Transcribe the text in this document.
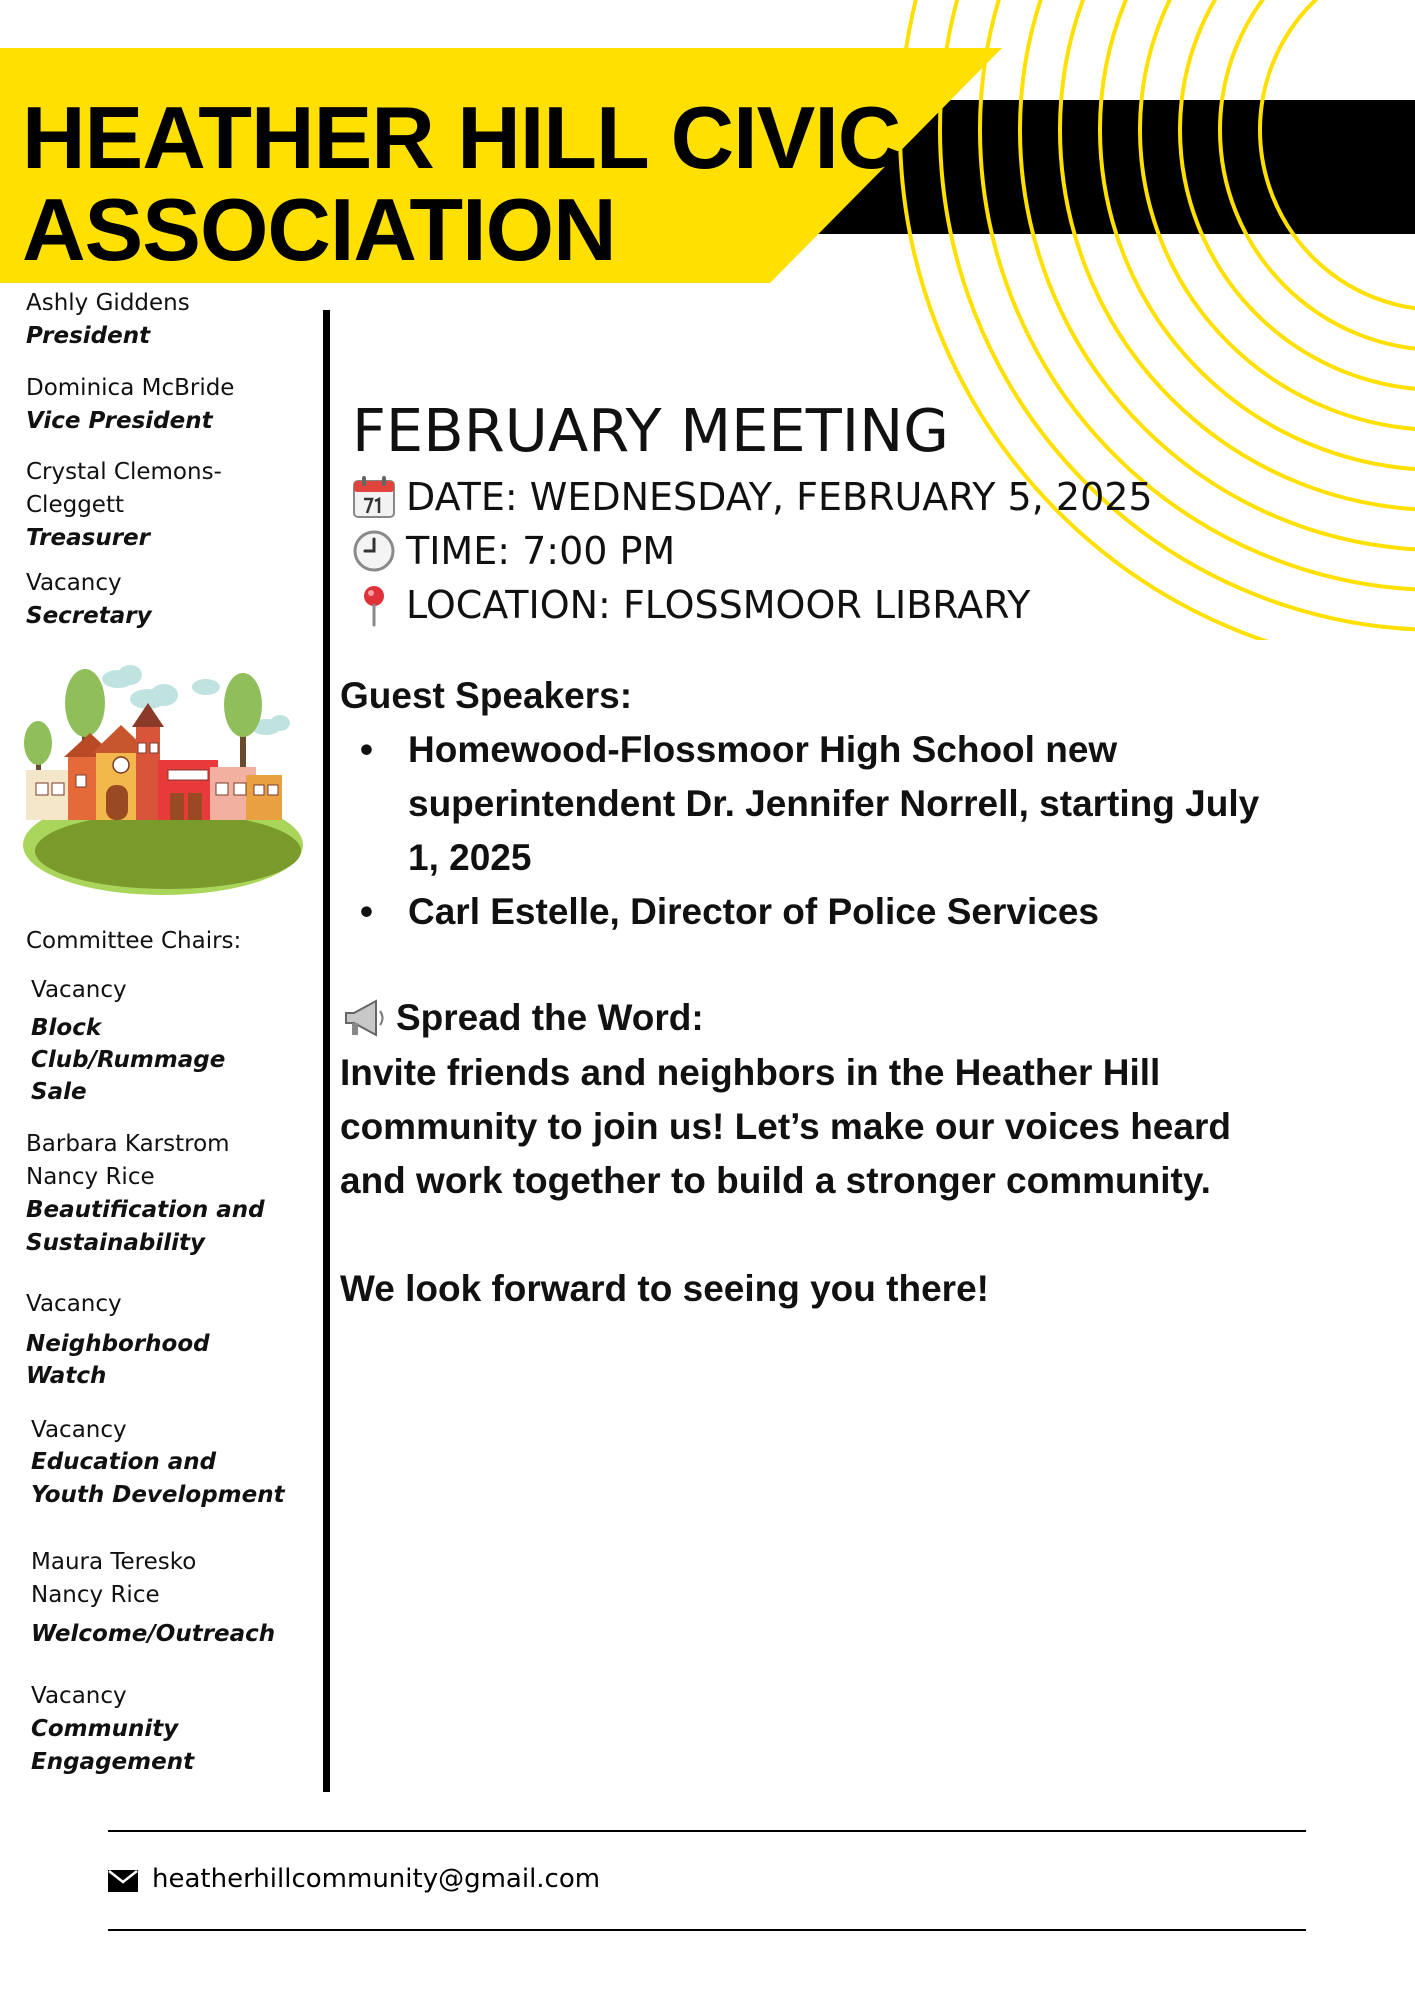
HEATHER HILL CIVIC
ASSOCIATION
Ashly Giddens
President
Dominica McBride
Vice President
Crystal Clemons-
Cleggett
Treasurer
Vacancy
Secretary
Committee Chairs:
Vacancy
Block
Club/Rummage
Sale
Barbara Karstrom
Nancy Rice
Beautification and
Sustainability
Vacancy
Neighborhood
Watch
Vacancy
Education and
Youth Development
Maura Teresko
Nancy Rice
Welcome/Outreach
Vacancy
Community
Engagement
FEBRUARY MEETING
DATE: WEDNESDAY, FEBRUARY 5, 2025
TIME: 7:00 PM
LOCATION: FLOSSMOOR LIBRARY
Guest Speakers:
• Homewood-Flossmoor High School new superintendent Dr. Jennifer Norrell, starting July 1, 2025
• Carl Estelle, Director of Police Services
Spread the Word:
Invite friends and neighbors in the Heather Hill community to join us! Let’s make our voices heard and work together to build a stronger community.
We look forward to seeing you there!
heatherhillcommunity@gmail.com
